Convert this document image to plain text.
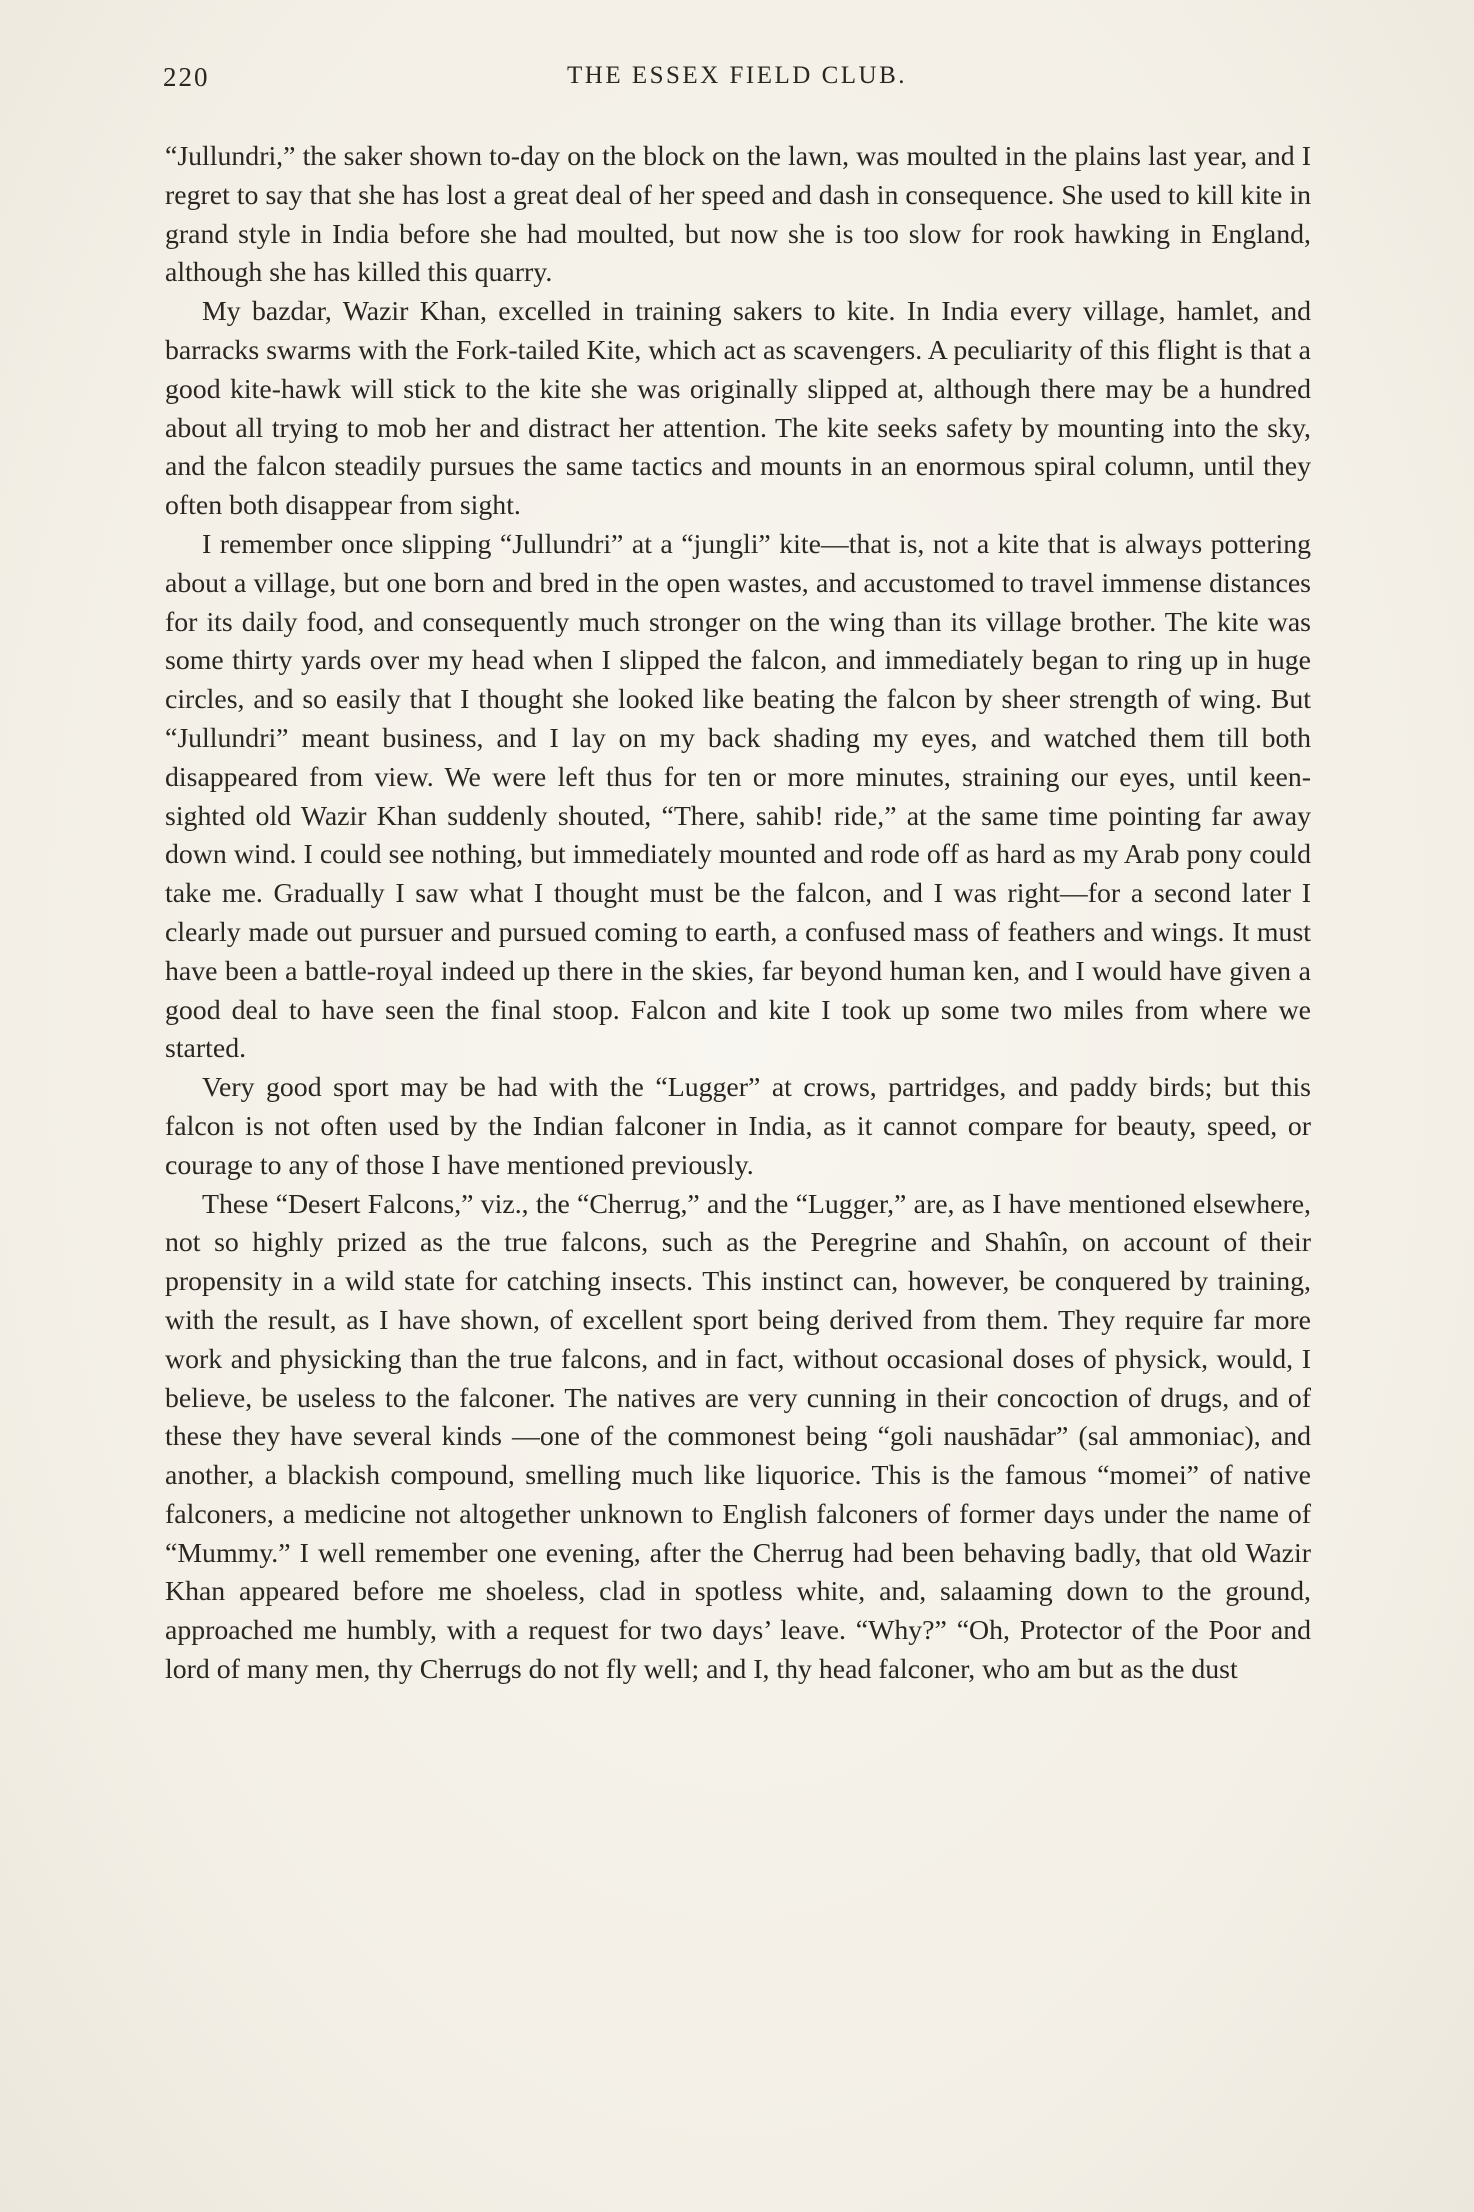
220	THE ESSEX FIELD CLUB.

“Jullundri,” the saker shown to-day on the block on the lawn, was moulted in the plains last year, and I regret to say that she has lost a great deal of her speed and dash in consequence. She used to kill kite in grand style in India before she had moulted, but now she is too slow for rook hawking in England, although she has killed this quarry.

My bazdar, Wazir Khan, excelled in training sakers to kite. In India every village, hamlet, and barracks swarms with the Fork-tailed Kite, which act as scavengers. A peculiarity of this flight is that a good kite-hawk will stick to the kite she was originally slipped at, although there may be a hundred about all trying to mob her and distract her attention. The kite seeks safety by mounting into the sky, and the falcon steadily pursues the same tactics and mounts in an enormous spiral column, until they often both disappear from sight.

I remember once slipping “Jullundri” at a “jungli” kite—that is, not a kite that is always pottering about a village, but one born and bred in the open wastes, and accustomed to travel immense distances for its daily food, and consequently much stronger on the wing than its village brother. The kite was some thirty yards over my head when I slipped the falcon, and immediately began to ring up in huge circles, and so easily that I thought she looked like beating the falcon by sheer strength of wing. But “Jullundri” meant business, and I lay on my back shading my eyes, and watched them till both disappeared from view. We were left thus for ten or more minutes, straining our eyes, until keen-sighted old Wazir Khan suddenly shouted, “There, sahib! ride,” at the same time pointing far away down wind. I could see nothing, but immediately mounted and rode off as hard as my Arab pony could take me. Gradually I saw what I thought must be the falcon, and I was right—for a second later I clearly made out pursuer and pursued coming to earth, a confused mass of feathers and wings. It must have been a battle-royal indeed up there in the skies, far beyond human ken, and I would have given a good deal to have seen the final stoop. Falcon and kite I took up some two miles from where we started.

Very good sport may be had with the “Lugger” at crows, partridges, and paddy birds; but this falcon is not often used by the Indian falconer in India, as it cannot compare for beauty, speed, or courage to any of those I have mentioned previously.

These “Desert Falcons,” viz., the “Cherrug,” and the “Lugger,” are, as I have mentioned elsewhere, not so highly prized as the true falcons, such as the Peregrine and Shahîn, on account of their propensity in a wild state for catching insects. This instinct can, however, be conquered by training, with the result, as I have shown, of excellent sport being derived from them. They require far more work and physicking than the true falcons, and in fact, without occasional doses of physick, would, I believe, be useless to the falconer. The natives are very cunning in their concoction of drugs, and of these they have several kinds —one of the commonest being “goli naushādar” (sal ammoniac), and another, a blackish compound, smelling much like liquorice. This is the famous “momei” of native falconers, a medicine not altogether unknown to English falconers of former days under the name of “Mummy.” I well remember one evening, after the Cherrug had been behaving badly, that old Wazir Khan appeared before me shoeless, clad in spotless white, and, salaaming down to the ground, approached me humbly, with a request for two days’ leave. “Why?” “Oh, Protector of the Poor and lord of many men, thy Cherrugs do not fly well; and I, thy head falconer, who am but as the dust
